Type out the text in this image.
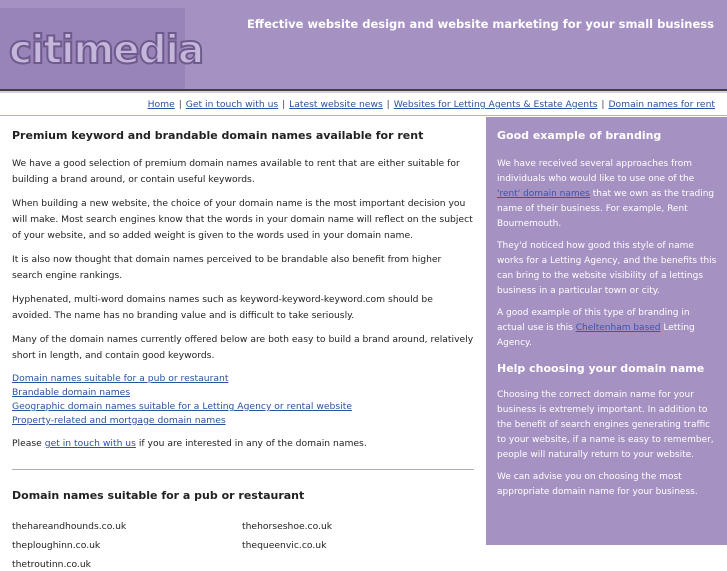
citimedia
Effective website design and website marketing for your small business
Home | Get in touch with us | Latest website news | Websites for Letting Agents & Estate Agents | Domain names for rent
Premium keyword and brandable domain names available for rent

We have a good selection of premium domain names available to rent that are either suitable for building a brand around, or contain useful keywords.

When building a new website, the choice of your domain name is the most important decision you will make. Most search engines know that the words in your domain name will reflect on the subject of your website, and so added weight is given to the words used in your domain name.

It is also now thought that domain names perceived to be brandable also benefit from higher search engine rankings.

Hyphenated, multi-word domains names such as keyword-keyword-keyword.com should be avoided. The name has no branding value and is difficult to take seriously.

Many of the domain names currently offered below are both easy to build a brand around, relatively short in length, and contain good keywords.

Domain names suitable for a pub or restaurant
Brandable domain names
Geographic domain names suitable for a Letting Agency or rental website
Property-related and mortgage domain names

Please get in touch with us if you are interested in any of the domain names.

Domain names suitable for a pub or restaurant
thehareandhounds.co.uk	thehorseshoe.co.uk
theploughinn.co.uk	thequeenvic.co.uk
thetroutinn.co.uk
Good example of branding

We have received several approaches from individuals who would like to use one of the 'rent' domain names that we own as the trading name of their business. For example, Rent Bournemouth.

They'd noticed how good this style of name works for a Letting Agency, and the benefits this can bring to the website visibility of a lettings business in a particular town or city.

A good example of this type of branding in actual use is this Cheltenham based Letting Agency.

Help choosing your domain name

Choosing the correct domain name for your business is extremely important. In addition to the benefit of search engines generating traffic to your website, if a name is easy to remember, people will naturally return to your website.

We can advise you on choosing the most appropriate domain name for your business.
